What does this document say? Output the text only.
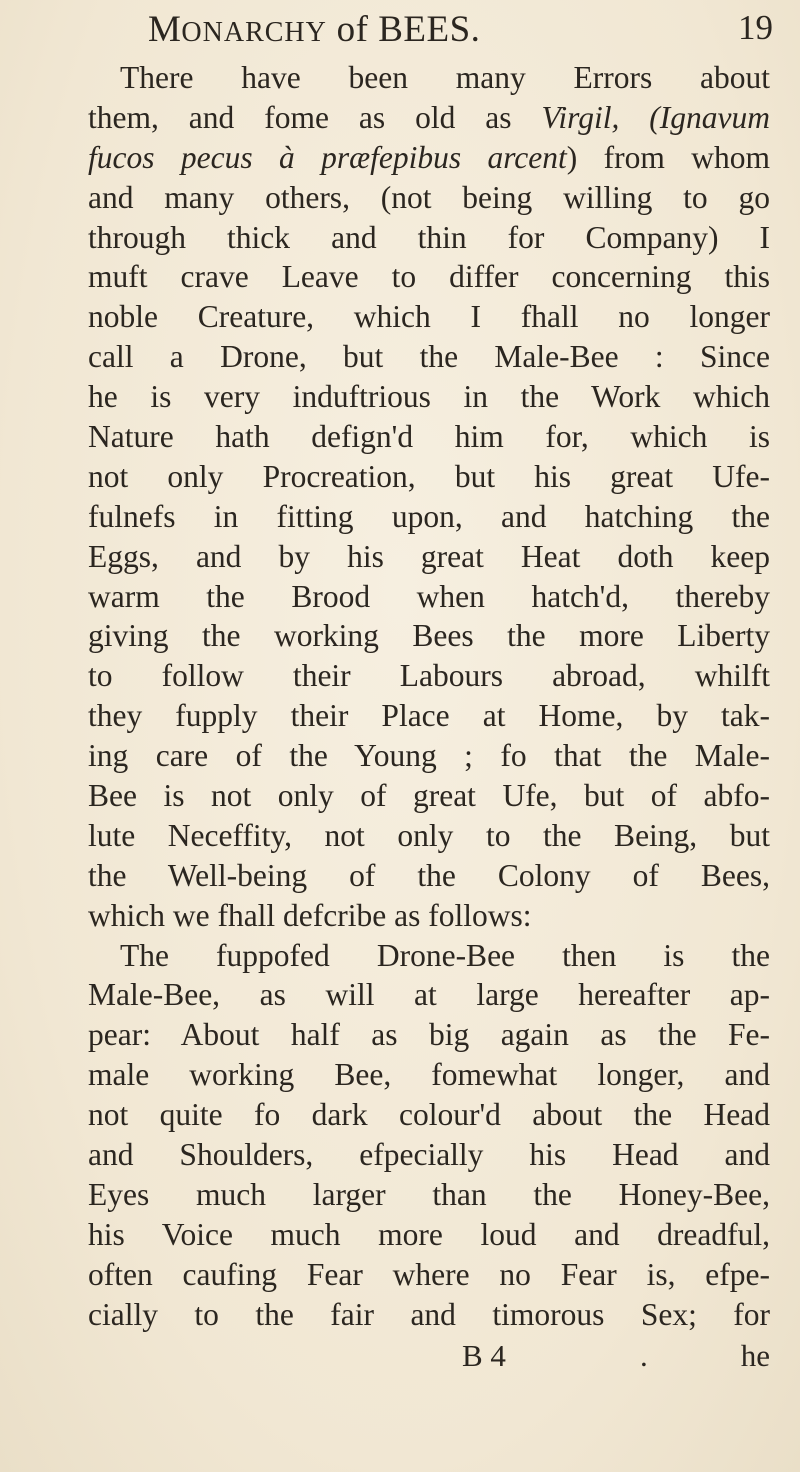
MONARCHY of BEES.	19
There have been many Errors about
them, and fome as old as Virgil, (Ignavum
fucos pecus à præfepibus arcent) from whom
and many others, (not being willing to go
through thick and thin for Company) I
muft crave Leave to differ concerning this
noble Creature, which I fhall no longer
call a Drone, but the Male-Bee : Since
he is very induftrious in the Work which
Nature hath defign'd him for, which is
not only Procreation, but his great Ufe-
fulnefs in fitting upon, and hatching the
Eggs, and by his great Heat doth keep
warm the Brood when hatch'd, thereby
giving the working Bees the more Liberty
to follow their Labours abroad, whilft
they fupply their Place at Home, by tak-
ing care of the Young ; fo that the Male-
Bee is not only of great Ufe, but of abfo-
lute Neceffity, not only to the Being, but
the Well-being of the Colony of Bees,
which we fhall defcribe as follows:
The fuppofed Drone-Bee then is the
Male-Bee, as will at large hereafter ap-
pear: About half as big again as the Fe-
male working Bee, fomewhat longer, and
not quite fo dark colour'd about the Head
and Shoulders, efpecially his Head and
Eyes much larger than the Honey-Bee,
his Voice much more loud and dreadful,
often caufing Fear where no Fear is, efpe-
cially to the fair and timorous Sex; for
B 4	.	he
